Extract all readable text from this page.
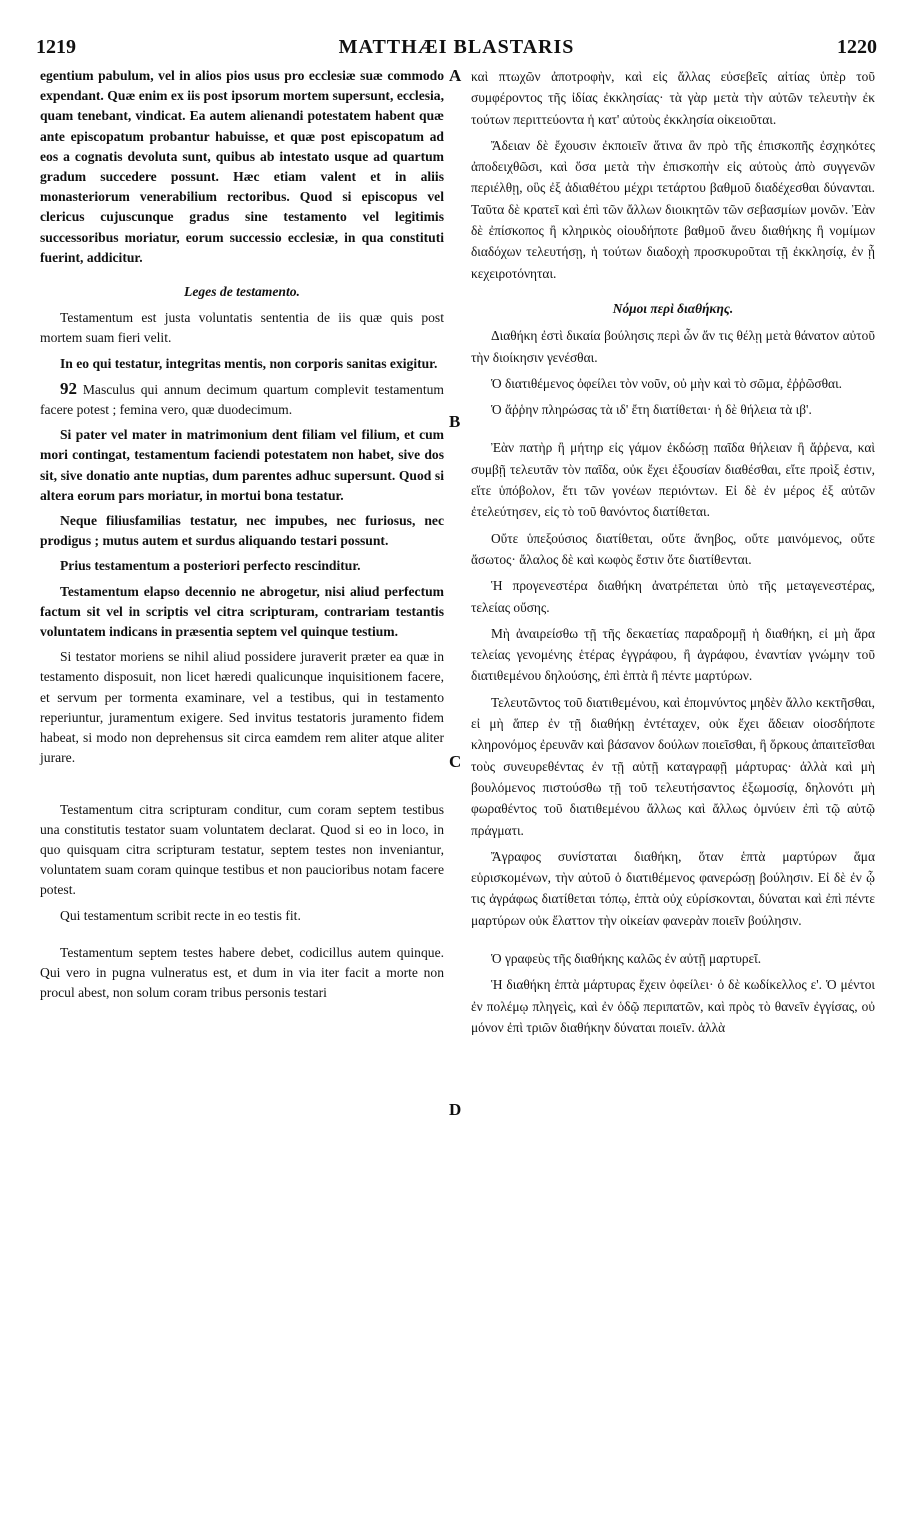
1219	MATTHÆI BLASTARIS	1220
A
B
C
D

egentium pabulum, vel in alios pios usus pro ecclesiæ suæ commodo expendant. Quæ enim ex iis post ipsorum mortem supersunt, ecclesia, quam tenebant, vindicat. Ea autem alienandi potestatem habent quæ ante episcopatum probantur habuisse, et quæ post episcopatum ad eos a cognatis devoluta sunt, quibus ab intestato usque ad quartum gradum succedere possunt. Hæc etiam valent et in aliis monasteriorum venerabilium rectoribus. Quod si episcopus vel clericus cujuscunque gradus sine testamento vel legitimis successoribus moriatur, eorum successio ecclesiæ, in qua constituti fuerint, addicitur.

Leges de testamento.

Testamentum est justa voluntatis sententia de iis quæ quis post mortem suam fieri velit.

In eo qui testatur, integritas mentis, non corporis sanitas exigitur.

92 Masculus qui annum decimum quartum complevit testamentum facere potest ; femina vero, quæ duodecimum.

Si pater vel mater in matrimonium dent filiam vel filium, et cum mori contingat, testamentum faciendi potestatem non habet, sive dos sit, sive donatio ante nuptias, dum parentes adhuc supersunt. Quod si altera eorum pars moriatur, in mortui bona testatur.

Neque filiusfamilias testatur, nec impubes, nec furiosus, nec prodigus ; mutus autem et surdus aliquando testari possunt.

Prius testamentum a posteriori perfecto rescinditur.

Testamentum elapso decennio ne abrogetur, nisi aliud perfectum factum sit vel in scriptis vel citra scripturam, contrariam testantis voluntatem indicans in præsentia septem vel quinque testium.

Si testator moriens se nihil aliud possidere juraverit præter ea quæ in testamento disposuit, non licet hæredi qualicunque inquisitionem facere, et servum per tormenta examinare, vel a testibus, qui in testamento reperiuntur, juramentum exigere. Sed invitus testatoris juramento fidem habeat, si modo non deprehensus sit circa eamdem rem aliter atque aliter jurare.

Testamentum citra scripturam conditur, cum coram septem testibus una constitutis testator suam voluntatem declarat. Quod si eo in loco, in quo quisquam citra scripturam testatur, septem testes non inveniantur, voluntatem suam coram quinque testibus et non paucioribus notam facere potest.

Qui testamentum scribit recte in eo testis fit.

Testamentum septem testes habere debet, codicillus autem quinque. Qui vero in pugna vulneratus est, et dum in via iter facit a morte non procul abest, non solum coram tribus personis testari

καὶ πτωχῶν ἀποτροφὴν, καὶ εἰς ἄλλας εὐσεβεῖς αἰτίας ὑπὲρ τοῦ συμφέροντος τῆς ἰδίας ἐκκλησίας· τὰ γὰρ μετὰ τὴν αὐτῶν τελευτὴν ἐκ τούτων περιττεύοντα ἡ κατ' αὐτοὺς ἐκκλησία οἰκειοῦται.

Ἄδειαν δὲ ἔχουσιν ἐκποιεῖν ἅτινα ἂν πρὸ τῆς ἐπισκοπῆς ἐσχηκότες ἀποδειχθῶσι, καὶ ὅσα μετὰ τὴν ἐπισκοπὴν εἰς αὐτοὺς ἀπὸ συγγενῶν περιέλθῃ, οὓς ἐξ ἀδιαθέτου μέχρι τετάρτου βαθμοῦ διαδέχεσθαι δύνανται. Ταῦτα δὲ κρατεῖ καὶ ἐπὶ τῶν ἄλλων διοικητῶν τῶν σεβασμίων μονῶν. Ἐὰν δὲ ἐπίσκοπος ἢ κληρικὸς οἱουδήποτε βαθμοῦ ἄνευ διαθήκης ἢ νομίμων διαδόχων τελευτήσῃ, ἡ τούτων διαδοχὴ προσκυροῦται τῇ ἐκκλησίᾳ, ἐν ᾗ κεχειροτόνηται.

Νόμοι περὶ διαθήκης.

Διαθήκη ἐστὶ δικαία βούλησις περὶ ὧν ἄν τις θέλῃ μετὰ θάνατον αὐτοῦ τὴν διοίκησιν γενέσθαι.

Ὁ διατιθέμενος ὀφείλει τὸν νοῦν, οὐ μὴν καὶ τὸ σῶμα, ἐῤῥῶσθαι.

Ὁ ἄῤῥην πληρώσας τὰ ιδ' ἔτη διατίθεται· ἡ δὲ θήλεια τὰ ιβ'.

Ἐὰν πατὴρ ἢ μήτηρ εἰς γάμον ἐκδώσῃ παῖδα θήλειαν ἢ ἄῤῥενα, καὶ συμβῇ τελευτᾶν τὸν παῖδα, οὐκ ἔχει ἐξουσίαν διαθέσθαι, εἴτε προὶξ ἐστιν, εἴτε ὑπόβολον, ἔτι τῶν γονέων περιόντων. Εἰ δὲ ἐν μέρος ἐξ αὐτῶν ἐτελεύτησεν, εἰς τὸ τοῦ θανόντος διατίθεται.

Οὔτε ὑπεξούσιος διατίθεται, οὔτε ἄνηβος, οὔτε μαινόμενος, οὔτε ἄσωτος· ἄλαλος δὲ καὶ κωφὸς ἔστιν ὅτε διατίθενται.

Ἡ προγενεστέρα διαθήκη ἀνατρέπεται ὑπὸ τῆς μεταγενεστέρας, τελείας οὔσης.

Μὴ ἀναιρείσθω τῇ τῆς δεκαετίας παραδρομῇ ἡ διαθήκη, εἰ μὴ ἄρα τελείας γενομένης ἑτέρας ἐγγράφου, ἢ ἀγράφου, ἐναντίαν γνώμην τοῦ διατιθεμένου δηλούσης, ἐπὶ ἑπτὰ ἢ πέντε μαρτύρων.

Τελευτῶντος τοῦ διατιθεμένου, καὶ ἐπομνύντος μηδὲν ἄλλο κεκτῆσθαι, εἰ μὴ ἅπερ ἐν τῇ διαθήκῃ ἐντέταχεν, οὐκ ἔχει ἄδειαν οἱοσδήποτε κληρονόμος ἐρευνᾶν καὶ βάσανον δούλων ποιεῖσθαι, ἢ ὅρκους ἀπαιτεῖσθαι τοὺς συνευρεθέντας ἐν τῇ αὐτῇ καταγραφῇ μάρτυρας· ἀλλὰ καὶ μὴ βουλόμενος πιστούσθω τῇ τοῦ τελευτήσαντος ἐξωμοσίᾳ, δηλονότι μὴ φωραθέντος τοῦ διατιθεμένου ἄλλως καὶ ἄλλως ὀμνύειν ἐπὶ τῷ αὐτῷ πράγματι.

Ἄγραφος συνίσταται διαθήκη, ὅταν ἑπτὰ μαρτύρων ἅμα εὑρισκομένων, τὴν αὐτοῦ ὁ διατιθέμενος φανερώσῃ βούλησιν. Εἰ δὲ ἐν ᾧ τις ἀγράφως διατίθεται τόπῳ, ἑπτὰ οὐχ εὑρίσκονται, δύναται καὶ ἐπὶ πέντε μαρτύρων οὐκ ἔλαττον τὴν οἰκείαν φανερὰν ποιεῖν βούλησιν.

Ὁ γραφεὺς τῆς διαθήκης καλῶς ἐν αὐτῇ μαρτυρεῖ.

Ἡ διαθήκη ἑπτὰ μάρτυρας ἔχειν ὀφείλει· ὁ δὲ κωδίκελλος ε'. Ὁ μέντοι ἐν πολέμῳ πληγεὶς, καὶ ἐν ὁδῷ περιπατῶν, καὶ πρὸς τὸ θανεῖν ἐγγίσας, οὐ μόνον ἐπὶ τριῶν διαθήκην δύναται ποιεῖν. ἀλλὰ
